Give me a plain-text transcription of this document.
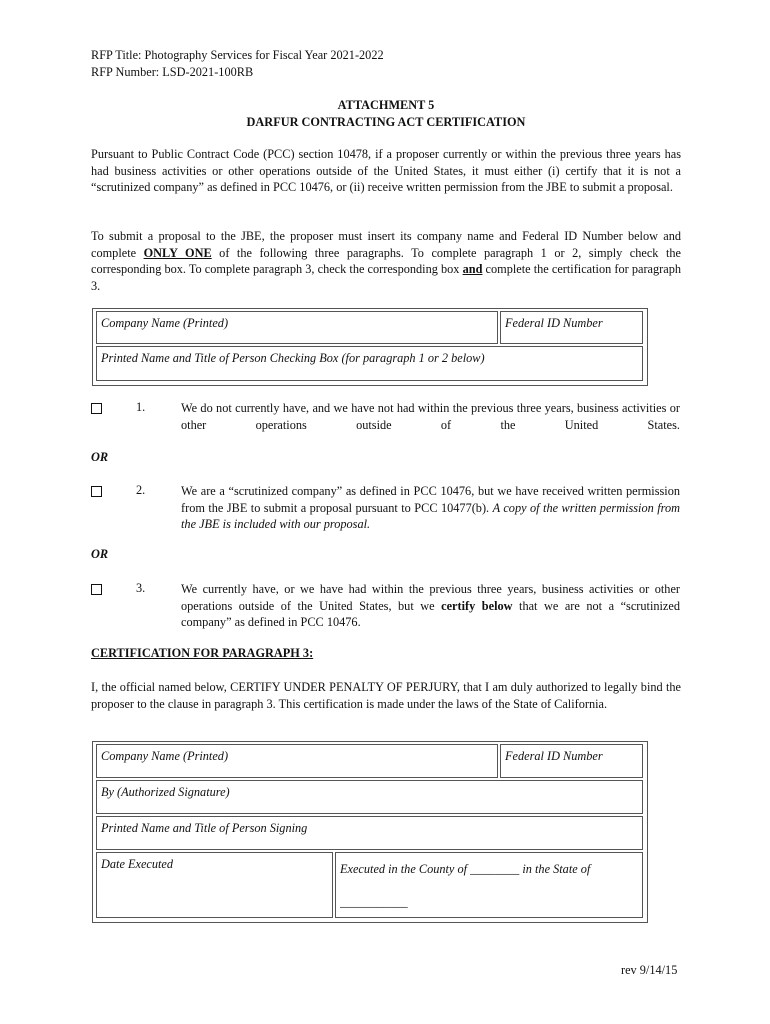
RFP Title: Photography Services for Fiscal Year 2021-2022
RFP Number: LSD-2021-100RB
ATTACHMENT 5
DARFUR CONTRACTING ACT CERTIFICATION
Pursuant to Public Contract Code (PCC) section 10478, if a proposer currently or within the previous three years has had business activities or other operations outside of the United States, it must either (i) certify that it is not a “scrutinized company” as defined in PCC 10476, or (ii) receive written permission from the JBE to submit a proposal.
To submit a proposal to the JBE, the proposer must insert its company name and Federal ID Number below and complete ONLY ONE of the following three paragraphs. To complete paragraph 1 or 2, simply check the corresponding box. To complete paragraph 3, check the corresponding box and complete the certification for paragraph 3.
Company Name (Printed)	Federal ID Number
Printed Name and Title of Person Checking Box (for paragraph 1 or 2 below)
1.	We do not currently have, and we have not had within the previous three years, business activities or other operations outside of the United States.
OR
2.	We are a “scrutinized company” as defined in PCC 10476, but we have received written permission from the JBE to submit a proposal pursuant to PCC 10477(b). A copy of the written permission from the JBE is included with our proposal.
OR
3.	We currently have, or we have had within the previous three years, business activities or other operations outside of the United States, but we certify below that we are not a “scrutinized company” as defined in PCC 10476.
CERTIFICATION FOR PARAGRAPH 3:
I, the official named below, CERTIFY UNDER PENALTY OF PERJURY, that I am duly authorized to legally bind the proposer to the clause in paragraph 3. This certification is made under the laws of the State of California.
Company Name (Printed)	Federal ID Number
By (Authorized Signature)
Printed Name and Title of Person Signing
Date Executed	Executed in the County of ________ in the State of
___________
rev 9/14/15
